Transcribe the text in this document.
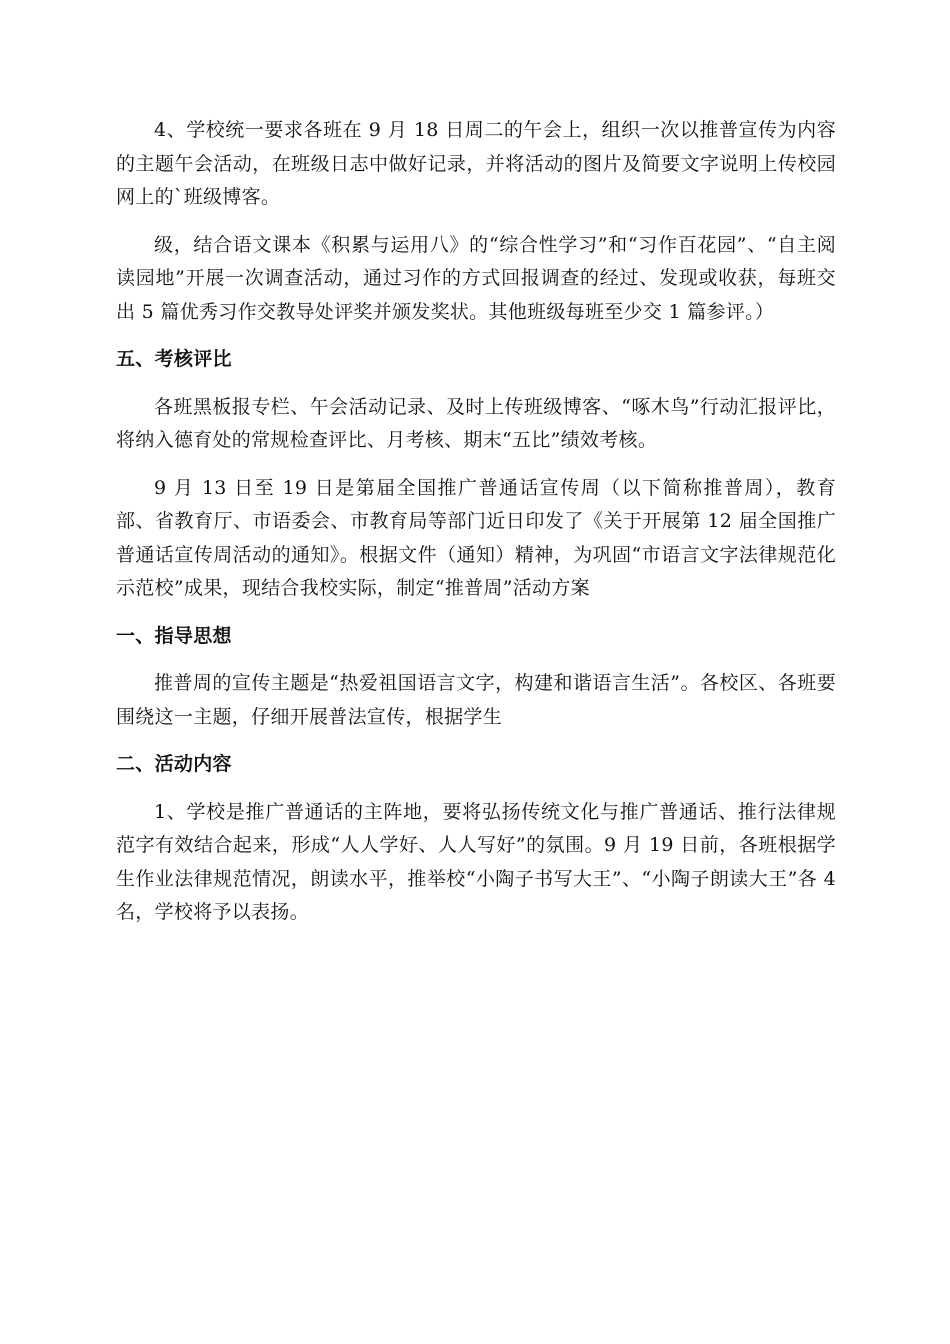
4、学校统一要求各班在 9 月 18 日周二的午会上，组织一次以推普宣传为内容的主题午会活动，在班级日志中做好记录，并将活动的图片及简要文字说明上传校园网上的`班级博客。

级，结合语文课本《积累与运用八》的“综合性学习”和“习作百花园”、“自主阅读园地”开展一次调查活动，通过习作的方式回报调查的经过、发现或收获，每班交出 5 篇优秀习作交教导处评奖并颁发奖状。其他班级每班至少交 1 篇参评。）

五、考核评比

各班黑板报专栏、午会活动记录、及时上传班级博客、“啄木鸟”行动汇报评比，将纳入德育处的常规检查评比、月考核、期末“五比”绩效考核。

9 月 13 日至 19 日是第届全国推广普通话宣传周（以下简称推普周），教育部、省教育厅、市语委会、市教育局等部门近日印发了《关于开展第 12 届全国推广普通话宣传周活动的通知》。根据文件（通知）精神，为巩固“市语言文字法律规范化示范校”成果，现结合我校实际，制定“推普周”活动方案

一、指导思想

推普周的宣传主题是“热爱祖国语言文字，构建和谐语言生活”。各校区、各班要围绕这一主题，仔细开展普法宣传，根据学生

二、活动内容

1、学校是推广普通话的主阵地，要将弘扬传统文化与推广普通话、推行法律规范字有效结合起来，形成“人人学好、人人写好”的氛围。9 月 19 日前，各班根据学生作业法律规范情况，朗读水平，推举校“小陶子书写大王”、“小陶子朗读大王”各 4 名，学校将予以表扬。
